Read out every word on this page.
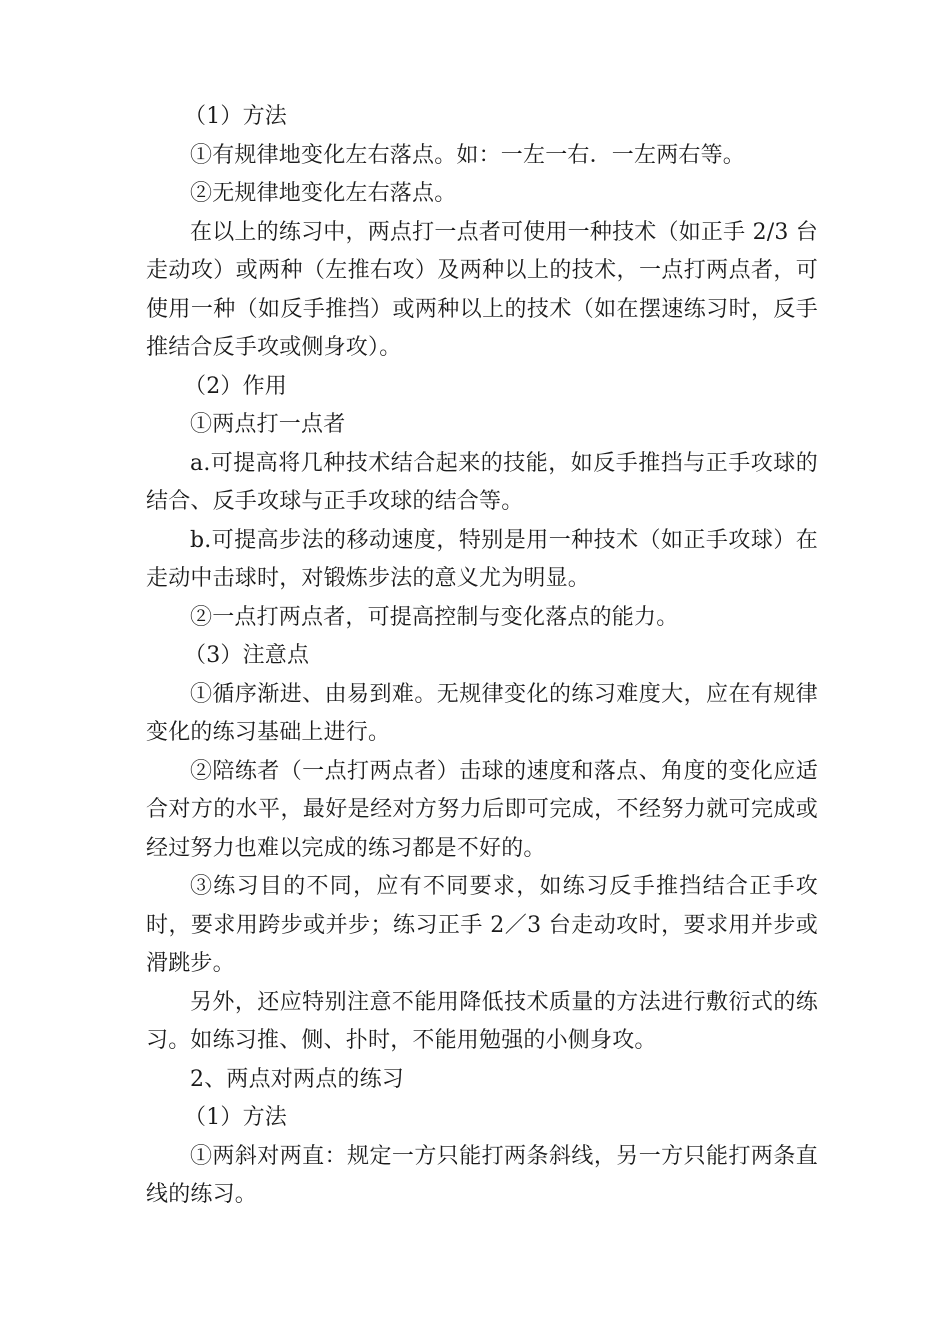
（1）方法

①有规律地变化左右落点。如：一左一右．一左两右等。

②无规律地变化左右落点。

在以上的练习中，两点打一点者可使用一种技术（如正手 2/3 台走动攻）或两种（左推右攻）及两种以上的技术，一点打两点者，可使用一种（如反手推挡）或两种以上的技术（如在摆速练习时，反手推结合反手攻或侧身攻）。

（2）作用

①两点打一点者

a.可提高将几种技术结合起来的技能，如反手推挡与正手攻球的结合、反手攻球与正手攻球的结合等。

b.可提高步法的移动速度，特别是用一种技术（如正手攻球）在走动中击球时，对锻炼步法的意义尤为明显。

②一点打两点者，可提高控制与变化落点的能力。

（3）注意点

①循序渐进、由易到难。无规律变化的练习难度大，应在有规律变化的练习基础上进行。

②陪练者（一点打两点者）击球的速度和落点、角度的变化应适合对方的水平，最好是经对方努力后即可完成，不经努力就可完成或经过努力也难以完成的练习都是不好的。

③练习目的不同，应有不同要求，如练习反手推挡结合正手攻时，要求用跨步或并步；练习正手 2／3 台走动攻时，要求用并步或滑跳步。

另外，还应特别注意不能用降低技术质量的方法进行敷衍式的练习。如练习推、侧、扑时，不能用勉强的小侧身攻。

2、两点对两点的练习

（1）方法

①两斜对两直：规定一方只能打两条斜线，另一方只能打两条直线的练习。
